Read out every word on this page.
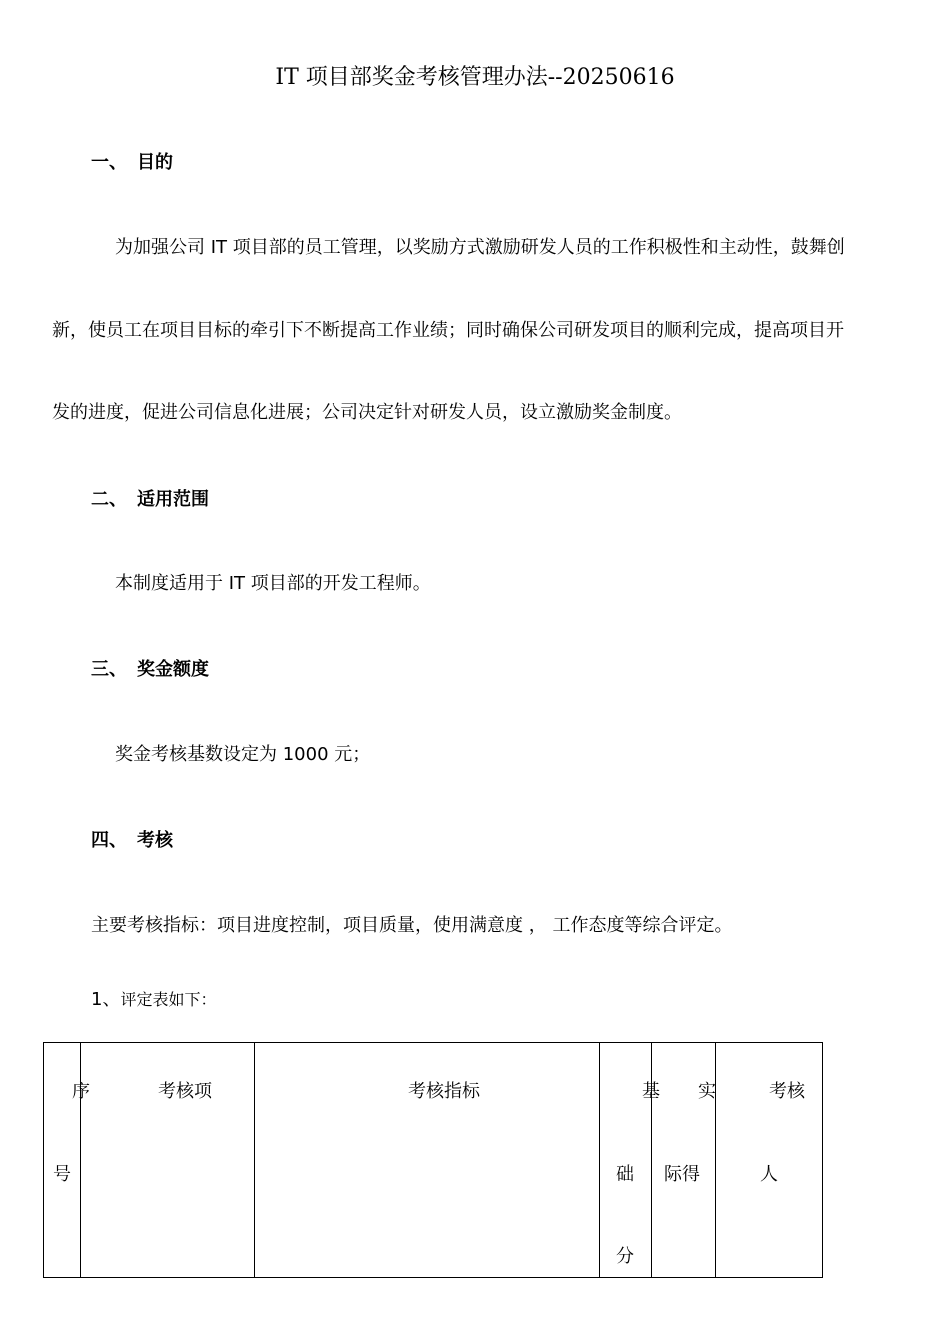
IT 项目部奖金考核管理办法--20250616
一、 目的
为加强公司 IT 项目部的员工管理，以奖励方式激励研发人员的工作积极性和主动性，鼓舞创
新，使员工在项目目标的牵引下不断提高工作业绩；同时确保公司研发项目的顺利完成，提高项目开
发的进度，促进公司信息化进展；公司决定针对研发人员，设立激励奖金制度。
二、 适用范围
本制度适用于 IT 项目部的开发工程师。
三、 奖金额度
奖金考核基数设定为 1000 元；
四、 考核
主要考核指标：项目进度控制，项目质量，使用满意度 ， 工作态度等综合评定。
1、评定表如下：
序
号
考核项	考核指标	基
础
分
实
际得
考核
人
